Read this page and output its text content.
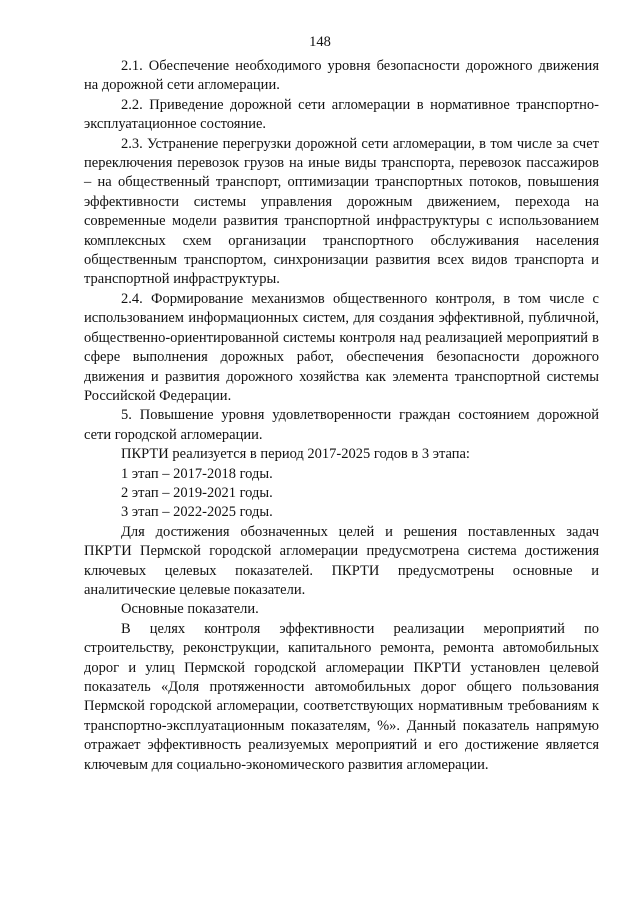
148

2.1. Обеспечение необходимого уровня безопасности дорожного движения на дорожной сети агломерации.

2.2. Приведение дорожной сети агломерации в нормативное транспортно-эксплуатационное состояние.

2.3. Устранение перегрузки дорожной сети агломерации, в том числе за счет переключения перевозок грузов на иные виды транспорта, перевозок пассажиров – на общественный транспорт, оптимизации транспортных потоков, повышения эффективности системы управления дорожным движением, перехода на современные модели развития транспортной инфраструктуры с использованием комплексных схем организации транспортного обслуживания населения общественным транспортом, синхронизации развития всех видов транспорта и транспортной инфраструктуры.

2.4. Формирование механизмов общественного контроля, в том числе с использованием информационных систем, для создания эффективной, публичной, общественно-ориентированной системы контроля над реализацией мероприятий в сфере выполнения дорожных работ, обеспечения безопасности дорожного движения и развития дорожного хозяйства как элемента транспортной системы Российской Федерации.

5. Повышение уровня удовлетворенности граждан состоянием дорожной сети городской агломерации.

ПКРТИ реализуется в период 2017-2025 годов в 3 этапа:

1 этап – 2017-2018 годы.

2 этап – 2019-2021 годы.

3 этап – 2022-2025 годы.

Для достижения обозначенных целей и решения поставленных задач ПКРТИ Пермской городской агломерации предусмотрена система достижения ключевых целевых показателей. ПКРТИ предусмотрены основные и аналитические целевые показатели.

Основные показатели.

В целях контроля эффективности реализации мероприятий по строительству, реконструкции, капитального ремонта, ремонта автомобильных дорог и улиц Пермской городской агломерации ПКРТИ установлен целевой показатель «Доля протяженности автомобильных дорог общего пользования Пермской городской агломерации, соответствующих нормативным требованиям к транспортно-эксплуатационным показателям, %». Данный показатель напрямую отражает эффективность реализуемых мероприятий и его достижение является ключевым для социально-экономического развития агломерации.
